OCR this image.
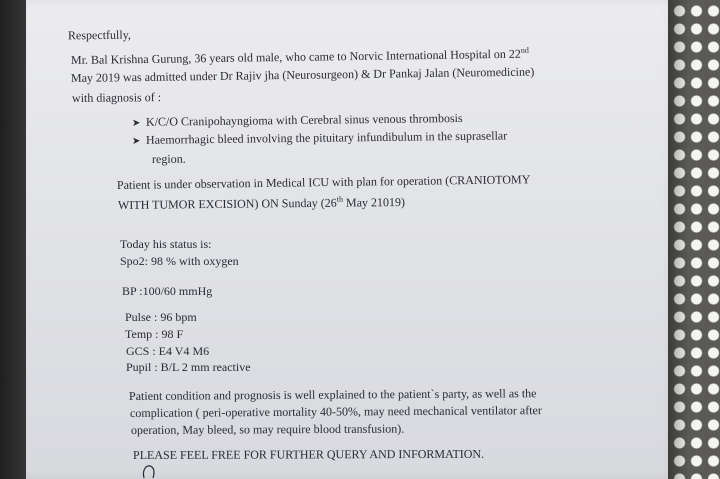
Respectfully,
Mr. Bal Krishna Gurung, 36 years old male, who came to Norvic International Hospital on 22nd
May 2019 was admitted under Dr Rajiv jha (Neurosurgeon) & Dr Pankaj Jalan (Neuromedicine)
with diagnosis of :
➤ K/C/O Cranipohayngioma with Cerebral sinus venous thrombosis
➤ Haemorrhagic bleed involving the pituitary infundibulum in the suprasellar
region.
Patient is under observation in Medical ICU with plan for operation (CRANIOTOMY
WITH TUMOR EXCISION) ON Sunday (26th May 21019)
Today his status is:
Spo2: 98 % with oxygen
BP :100/60 mmHg
Pulse : 96 bpm
Temp : 98 F
GCS : E4 V4 M6
Pupil : B/L 2 mm reactive
Patient condition and prognosis is well explained to the patient`s party, as well as the
complication ( peri-operative mortality 40-50%, may need mechanical ventilator after
operation, May bleed, so may require blood transfusion).
PLEASE FEEL FREE FOR FURTHER QUERY AND INFORMATION.
